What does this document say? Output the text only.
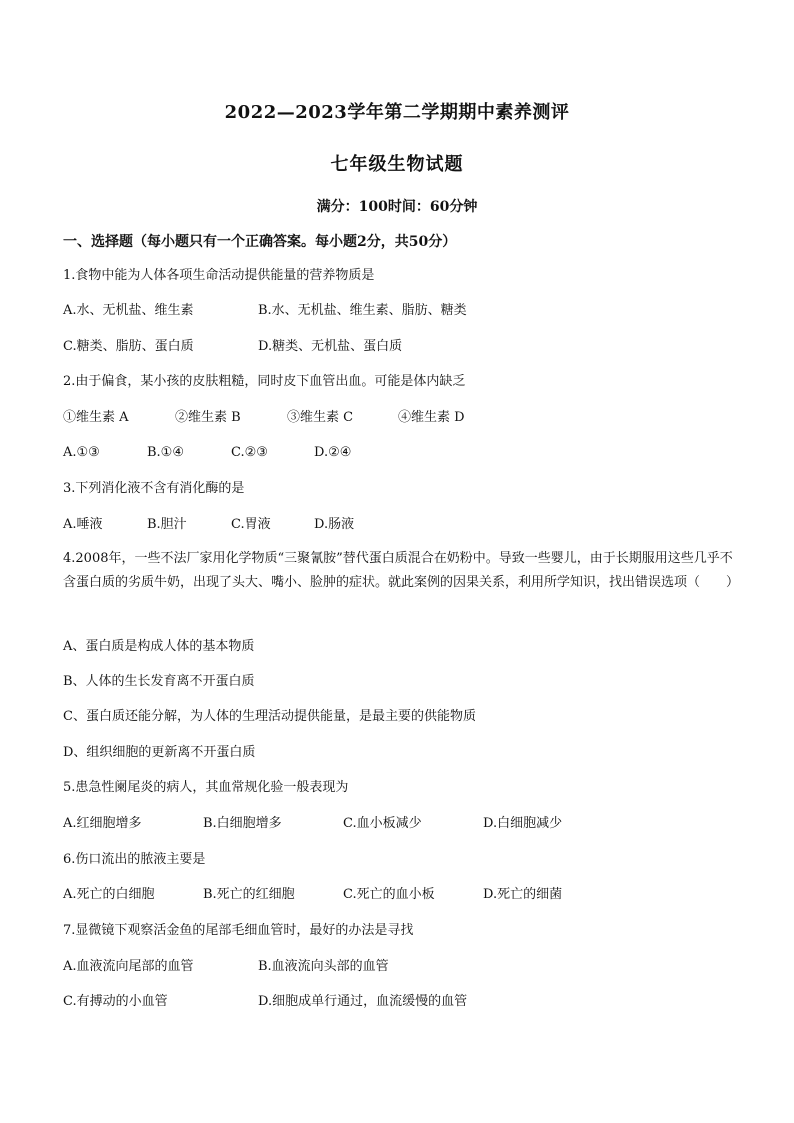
2022—2023学年第二学期期中素养测评
七年级生物试题
满分：100时间：60分钟
一、选择题（每小题只有一个正确答案。每小题2分，共50分）
1.食物中能为人体各项生命活动提供能量的营养物质是
A.水、无机盐、维生素	B.水、无机盐、维生素、脂肪、糖类
C.糖类、脂肪、蛋白质	D.糖类、无机盐、蛋白质
2.由于偏食，某小孩的皮肤粗糙，同时皮下血管出血。可能是体内缺乏
①维生素 A	②维生素 B	③维生素 C	④维生素 D
A.①③	B.①④	C.②③	D.②④
3.下列消化液不含有消化酶的是
A.唾液	B.胆汁	C.胃液	D.肠液
4.2008年，一些不法厂家用化学物质“三聚氰胺”替代蛋白质混合在奶粉中。导致一些婴儿，由于长期服用这些几乎不含蛋白质的劣质牛奶，出现了头大、嘴小、脸肿的症状。就此案例的因果关系，利用所学知识，找出错误选项（　　）
A、蛋白质是构成人体的基本物质
B、人体的生长发育离不开蛋白质
C、蛋白质还能分解，为人体的生理活动提供能量，是最主要的供能物质
D、组织细胞的更新离不开蛋白质
5.患急性阑尾炎的病人，其血常规化验一般表现为
A.红细胞增多	B.白细胞增多	C.血小板减少	D.白细胞减少
6.伤口流出的脓液主要是
A.死亡的白细胞	B.死亡的红细胞	C.死亡的血小板	D.死亡的细菌
7.显微镜下观察活金鱼的尾部毛细血管时，最好的办法是寻找
A.血液流向尾部的血管	B.血液流向头部的血管
C.有搏动的小血管	D.细胞成单行通过，血流缓慢的血管
